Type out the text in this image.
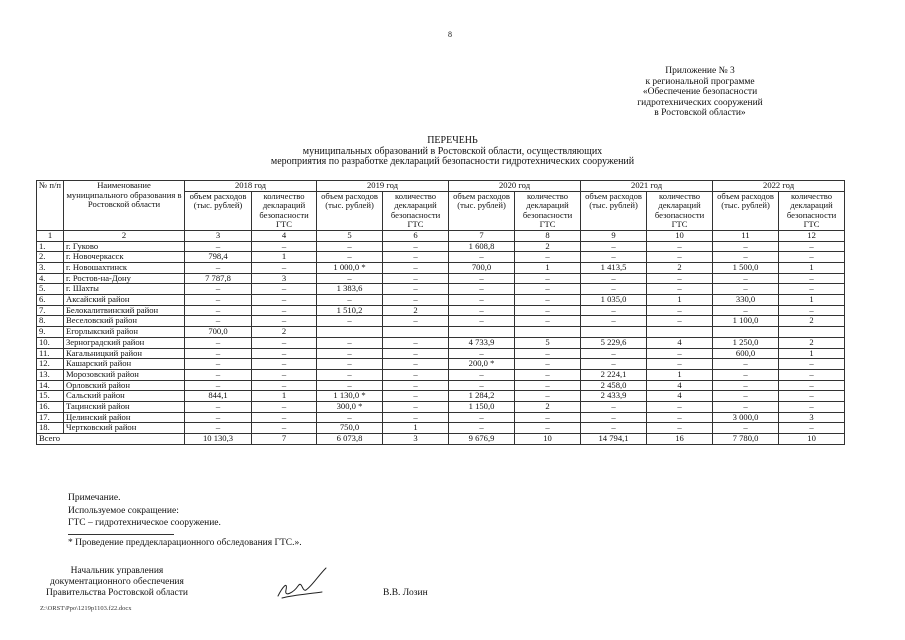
8
Приложение № 3
к региональной программе
«Обеспечение безопасности
гидротехнических сооружений
в Ростовской области»
ПЕРЕЧЕНЬ
муниципальных образований в Ростовской области, осуществляющих
мероприятия по разработке деклараций безопасности гидротехнических сооружений
№ п/п	Наименование муниципального образования в Ростовской области	2018 год		2019 год		2020 год		2021 год		2022 год	
		объем расходов (тыс. рублей)	количество деклараций безопасности ГТС	объем расходов (тыс. рублей)	количество деклараций безопасности ГТС	объем расходов (тыс. рублей)	количество деклараций безопасности ГТС	объем расходов (тыс. рублей)	количество деклараций безопасности ГТС	объем расходов (тыс. рублей)	количество деклараций безопасности ГТС
1	2	3	4	5	6	7	8	9	10	11	12
1.	г. Гуково	–	–	–	–	1 608,8	2	–	–	–	–
2.	г. Новочеркасск	798,4	1	–	–	–	–	–	–	–	–
3.	г. Новошахтинск	–	–	1 000,0 *	–	700,0	1	1 413,5	2	1 500,0	1
4.	г. Ростов-на-Дону	7 787,8	3	–	–	–	–	–	–	–	–
5.	г. Шахты	–	–	1 383,6	–	–	–	–	–	–	–
6.	Аксайский район	–	–	–	–	–	–	1 035,0	1	330,0	1
7.	Белокалитвинский район	–	–	1 510,2	2	–	–	–	–	–	–
8.	Веселовский район	–	–	–	–	–	–	–	–	1 100,0	2
9.	Егорлыкский район	700,0	2								
10.	Зерноградский район	–	–	–	–	4 733,9	5	5 229,6	4	1 250,0	2
11.	Кагальницкий район	–	–	–	–	–	–	–	–	600,0	1
12.	Кашарский район	–	–	–	–	200,0 *	–	–	–	–	–
13.	Морозовский район	–	–	–	–	–	–	2 224,1	1	–	–
14.	Орловский район	–	–	–	–	–	–	2 458,0	4	–	–
15.	Сальский район	844,1	1	1 130,0 *	–	1 284,2	–	2 433,9	4	–	–
16.	Тацинский район	–	–	300,0 *	–	1 150,0	2	–	–	–	–
17.	Целинский район	–	–	–	–	–	–	–	–	3 000,0	3
18.	Чертковский район	–	–	750,0	1	–	–	–	–	–	–
Всего		10 130,3	7	6 073,8	3	9 676,9	10	14 794,1	16	7 780,0	10
Примечание.
Используемое сокращение:
ГТС – гидротехническое сооружение.
* Проведение преддекларационного обследования ГТС.».
Начальник управления
документационного обеспечения
Правительства Ростовской области	В.В. Лозин
Z:\ORST\Ppo\1219p1103.f22.docx
